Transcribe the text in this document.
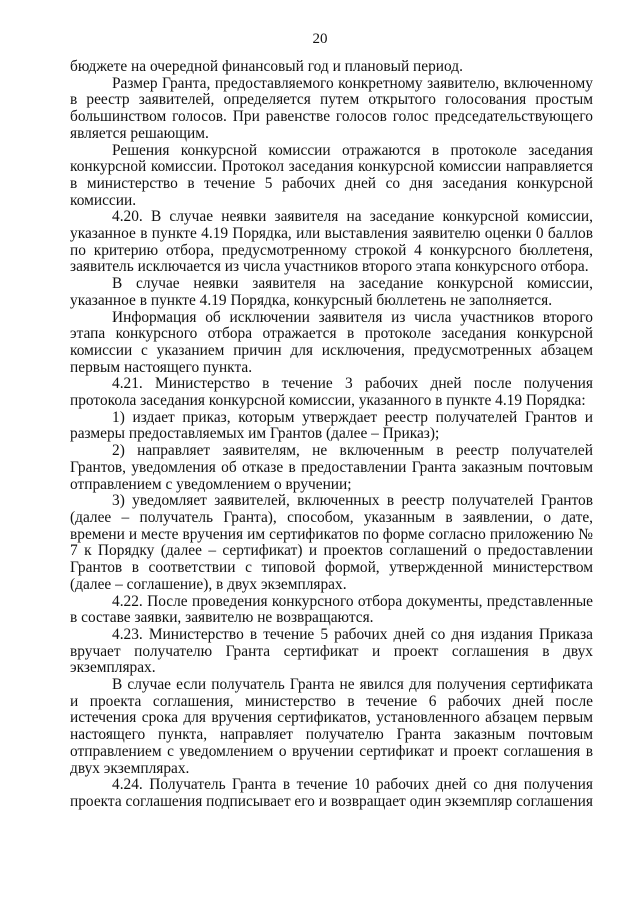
20

бюджете на очередной финансовый год и плановый период.

Размер Гранта, предоставляемого конкретному заявителю, включенному в реестр заявителей, определяется путем открытого голосования простым большинством голосов. При равенстве голосов голос председательствующего является решающим.

Решения конкурсной комиссии отражаются в протоколе заседания конкурсной комиссии. Протокол заседания конкурсной комиссии направляется в министерство в течение 5 рабочих дней со дня заседания конкурсной комиссии.

4.20. В случае неявки заявителя на заседание конкурсной комиссии, указанное в пункте 4.19 Порядка, или выставления заявителю оценки 0 баллов по критерию отбора, предусмотренному строкой 4 конкурсного бюллетеня, заявитель исключается из числа участников второго этапа конкурсного отбора.

В случае неявки заявителя на заседание конкурсной комиссии, указанное в пункте 4.19 Порядка, конкурсный бюллетень не заполняется.

Информация об исключении заявителя из числа участников второго этапа конкурсного отбора отражается в протоколе заседания конкурсной комиссии с указанием причин для исключения, предусмотренных абзацем первым настоящего пункта.

4.21. Министерство в течение 3 рабочих дней после получения протокола заседания конкурсной комиссии, указанного в пункте 4.19 Порядка:

1) издает приказ, которым утверждает реестр получателей Грантов и размеры предоставляемых им Грантов (далее – Приказ);

2) направляет заявителям, не включенным в реестр получателей Грантов, уведомления об отказе в предоставлении Гранта заказным почтовым отправлением с уведомлением о вручении;

3) уведомляет заявителей, включенных в реестр получателей Грантов (далее – получатель Гранта), способом, указанным в заявлении, о дате, времени и месте вручения им сертификатов по форме согласно приложению № 7 к Порядку (далее – сертификат) и проектов соглашений о предоставлении Грантов в соответствии с типовой формой, утвержденной министерством (далее – соглашение), в двух экземплярах.

4.22. После проведения конкурсного отбора документы, представленные в составе заявки, заявителю не возвращаются.

4.23. Министерство в течение 5 рабочих дней со дня издания Приказа вручает получателю Гранта сертификат и проект соглашения в двух экземплярах.

В случае если получатель Гранта не явился для получения сертификата и проекта соглашения, министерство в течение 6 рабочих дней после истечения срока для вручения сертификатов, установленного абзацем первым настоящего пункта, направляет получателю Гранта заказным почтовым отправлением с уведомлением о вручении сертификат и проект соглашения в двух экземплярах.

4.24. Получатель Гранта в течение 10 рабочих дней со дня получения проекта соглашения подписывает его и возвращает один экземпляр соглашения
